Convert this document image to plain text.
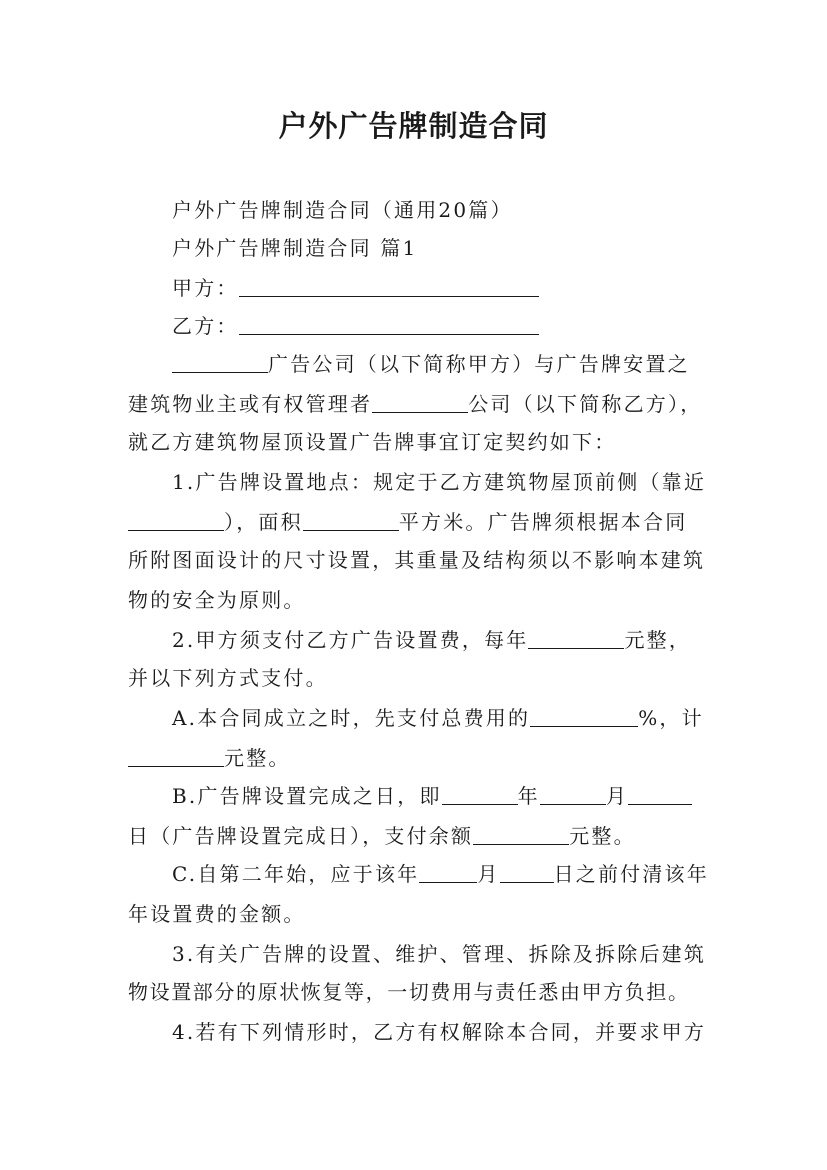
户外广告牌制造合同
户外广告牌制造合同（通用20篇）
户外广告牌制造合同 篇1
甲方：
乙方：
广告公司（以下简称甲方）与广告牌安置之
建筑物业主或有权管理者	公司（以下简称乙方），
就乙方建筑物屋顶设置广告牌事宜订定契约如下：
1.广告牌设置地点：规定于乙方建筑物屋顶前侧（靠近
），面积	平方米。广告牌须根据本合同
所附图面设计的尺寸设置，其重量及结构须以不影响本建筑
物的安全为原则。
2.甲方须支付乙方广告设置费，每年	元整，
并以下列方式支付。
A.本合同成立之时，先支付总费用的	%，计
元整。
B.广告牌设置完成之日，即	年	月
日（广告牌设置完成日），支付余额	元整。
C.自第二年始，应于该年	月	日之前付清该年
年设置费的金额。
3.有关广告牌的设置、维护、管理、拆除及拆除后建筑
物设置部分的原状恢复等，一切费用与责任悉由甲方负担。
4.若有下列情形时，乙方有权解除本合同，并要求甲方
